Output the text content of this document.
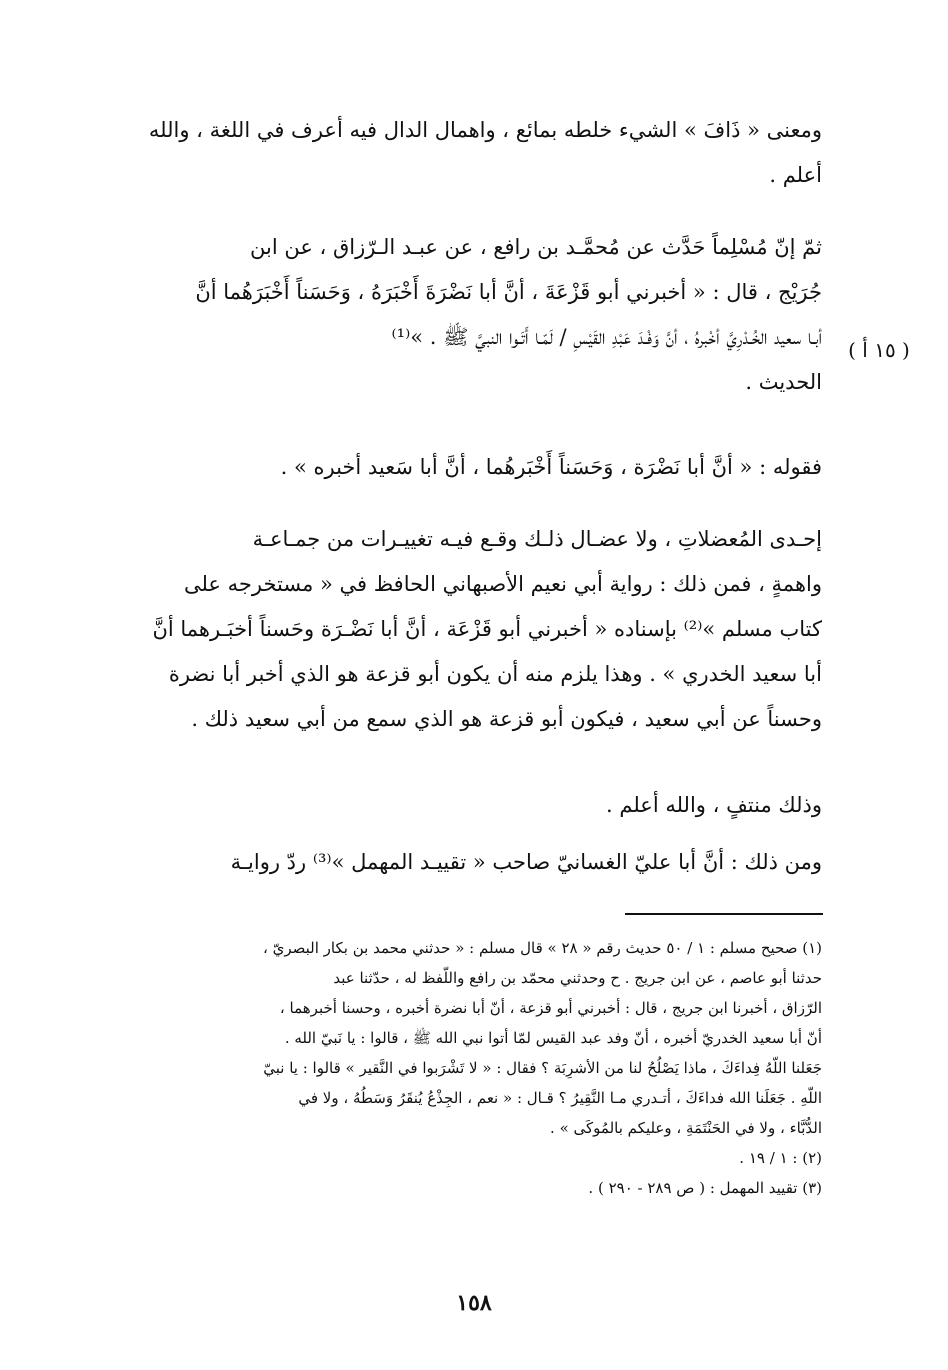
ومعنى « ذَافَ » الشيء خلطه بمائع ، واهمال الدال فيه أعرف في اللغة ، والله
أعلم .
ثمّ إنّ مُسْلِماً حَدَّث عن مُحمَّـد بن رافع ، عن عبـد الـرّزاق ، عن ابن
جُرَيْج ، قال : « أخبرني أبو قَزْعَةَ ، أنَّ أبا نَضْرَةَ أَخْبَرَهُ ، وَحَسَناً أَخْبَرَهُما أنَّ
أبـا سعيد الخُـدْرِيَّ أخْبرهُ ، أنَّ وَفْـدَ عَبْدِ القَيْسِ / لَمّـا أَتَـوا النبيَّ ﷺ . »⁽¹⁾
الحديث .
( ١٥ أ )
فقوله : « أنَّ أبا نَضْرَة ، وَحَسَناً أَخْبَرهُما ، أنَّ أبا سَعيد أخبره » .
إحـدى المُعضلاتِ ، ولا عضـال ذلـك وقـع فيـه تغييـرات من جمـاعـة
واهمةٍ ، فمن ذلك : رواية أبي نعيم الأصبهاني الحافظ في « مستخرجه على
كتاب مسلم »⁽²⁾ بإسناده « أخبرني أبو قَزْعَة ، أنَّ أبا نَضْـرَة وحَسناً أخبَـرهما أنَّ
أبا سعيد الخدري » . وهذا يلزم منه أن يكون أبو قزعة هو الذي أخبر أبا نضرة
وحسناً عن أبي سعيد ، فيكون أبو قزعة هو الذي سمع من أبي سعيد ذلك .
وذلك منتفٍ ، والله أعلم .
ومن ذلك : أنَّ أبا عليّ الغسانيّ صاحب « تقييـد المهمل »⁽³⁾ ردّ روايـة
(١) صحيح مسلم : ١ / ٥٠ حديث رقم « ٢٨ » قال مسلم : « حدثني محمد بن بكار البصريّ ،
حدثنا أبو عاصم ، عن ابن جريج . ح وحدثني محمّد بن رافع واللّفظ له ، حدّثنا عبد
الرّزاق ، أخبرنا ابن جريج ، قال : أخبرني أبو قزعة ، أنّ أبا نضرة أخبره ، وحسنا أخبرهما ،
أنّ أبا سعيد الخدريّ أخبره ، أنّ وفد عبد القيس لمّا أتوا نبي الله ﷺ ، قالوا : يا نَبيّ الله .
جَعَلنا اللّهُ فِداءَكَ ، ماذا يَصْلُحُ لنا من الأشرِبَة ؟ فقال : « لا تَشْرَبوا في النَّقير » قالوا : يا نبيّ
اللّهِ . جَعَلَنا الله فداءَكَ ، أتـدري مـا النَّقِيرُ ؟ قـال : « نعم ، الجِذْعُ يُنقَرُ وَسَطُهُ ، ولا في
الدُّبَّاء ، ولا في الحَنْتَمَةِ ، وعليكم بالمُوكَى » .
(٢) : ١ / ١٩ .
(٣) تقييد المهمل : ( ص ٢٨٩ - ٢٩٠ ) .
١٥٨
